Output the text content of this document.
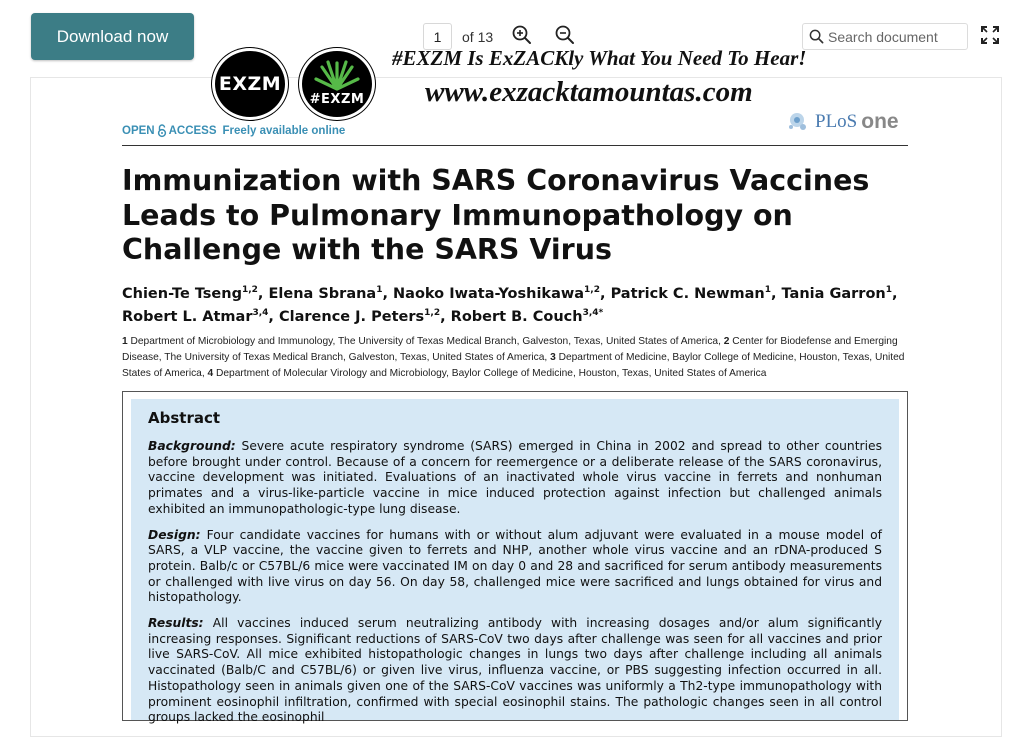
Download now
1	of 13
Search document
OPEN ACCESS Freely available online	PLoS one
Immunization with SARS Coronavirus Vaccines Leads to Pulmonary Immunopathology on Challenge with the SARS Virus
Chien-Te Tseng$^{1,2}$, Elena Sbrana$^1$, Naoko Iwata-Yoshikawa$^{1,2}$, Patrick C. Newman$^1$, Tania Garron$^1$,
Robert L. Atmar$^{3,4}$, Clarence J. Peters$^{1,2}$, Robert B. Couch$^{3,4*}$
1 Department of Microbiology and Immunology, The University of Texas Medical Branch, Galveston, Texas, United States of America, 2 Center for Biodefense and Emerging Disease, The University of Texas Medical Branch, Galveston, Texas, United States of America, 3 Department of Medicine, Baylor College of Medicine, Houston, Texas, United States of America, 4 Department of Molecular Virology and Microbiology, Baylor College of Medicine, Houston, Texas, United States of America
Abstract

Background: Severe acute respiratory syndrome (SARS) emerged in China in 2002 and spread to other countries before brought under control. Because of a concern for reemergence or a deliberate release of the SARS coronavirus, vaccine development was initiated. Evaluations of an inactivated whole virus vaccine in ferrets and nonhuman primates and a virus-like-particle vaccine in mice induced protection against infection but challenged animals exhibited an immunopathologic-type lung disease.

Design: Four candidate vaccines for humans with or without alum adjuvant were evaluated in a mouse model of SARS, a VLP vaccine, the vaccine given to ferrets and NHP, another whole virus vaccine and an rDNA-produced S protein. Balb/c or C57BL/6 mice were vaccinated IM on day 0 and 28 and sacrificed for serum antibody measurements or challenged with live virus on day 56. On day 58, challenged mice were sacrificed and lungs obtained for virus and histopathology.

Results: All vaccines induced serum neutralizing antibody with increasing dosages and/or alum significantly increasing responses. Significant reductions of SARS-CoV two days after challenge was seen for all vaccines and prior live SARS-CoV. All mice exhibited histopathologic changes in lungs two days after challenge including all animals vaccinated (Balb/C and C57BL/6) or given live virus, influenza vaccine, or PBS suggesting infection occurred in all. Histopathology seen in animals given one of the SARS-CoV vaccines was uniformly a Th2-type immunopathology with prominent eosinophil infiltration, confirmed with special eosinophil stains. The pathologic changes seen in all control groups lacked the eosinophil

EXZM
#EXZM
#EXZM Is ExZACKly What You Need To Hear!
www.exzacktamountas.com
